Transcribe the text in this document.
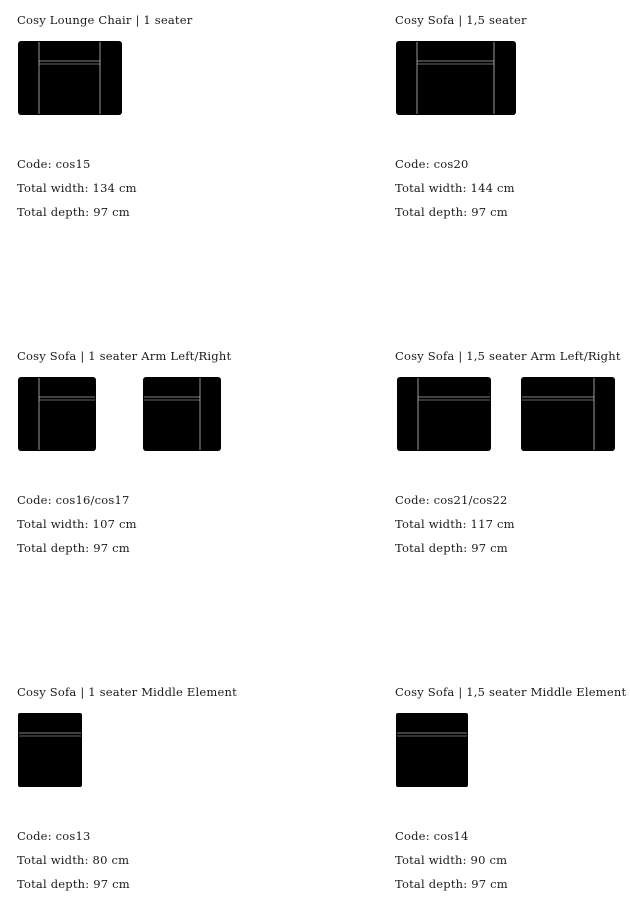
Cosy Lounge Chair | 1 seater
Code: cos15
Total width: 134 cm
Total depth: 97 cm
Cosy Sofa | 1,5 seater
Code: cos20
Total width: 144 cm
Total depth: 97 cm
Cosy Sofa | 1 seater Arm Left/Right
Code: cos16/cos17
Total width: 107 cm
Total depth: 97 cm
Cosy Sofa | 1,5 seater Arm Left/Right
Code: cos21/cos22
Total width: 117 cm
Total depth: 97 cm
Cosy Sofa | 1 seater Middle Element
Code: cos13
Total width: 80 cm
Total depth: 97 cm
Cosy Sofa | 1,5 seater Middle Element
Code: cos14
Total width: 90 cm
Total depth: 97 cm
